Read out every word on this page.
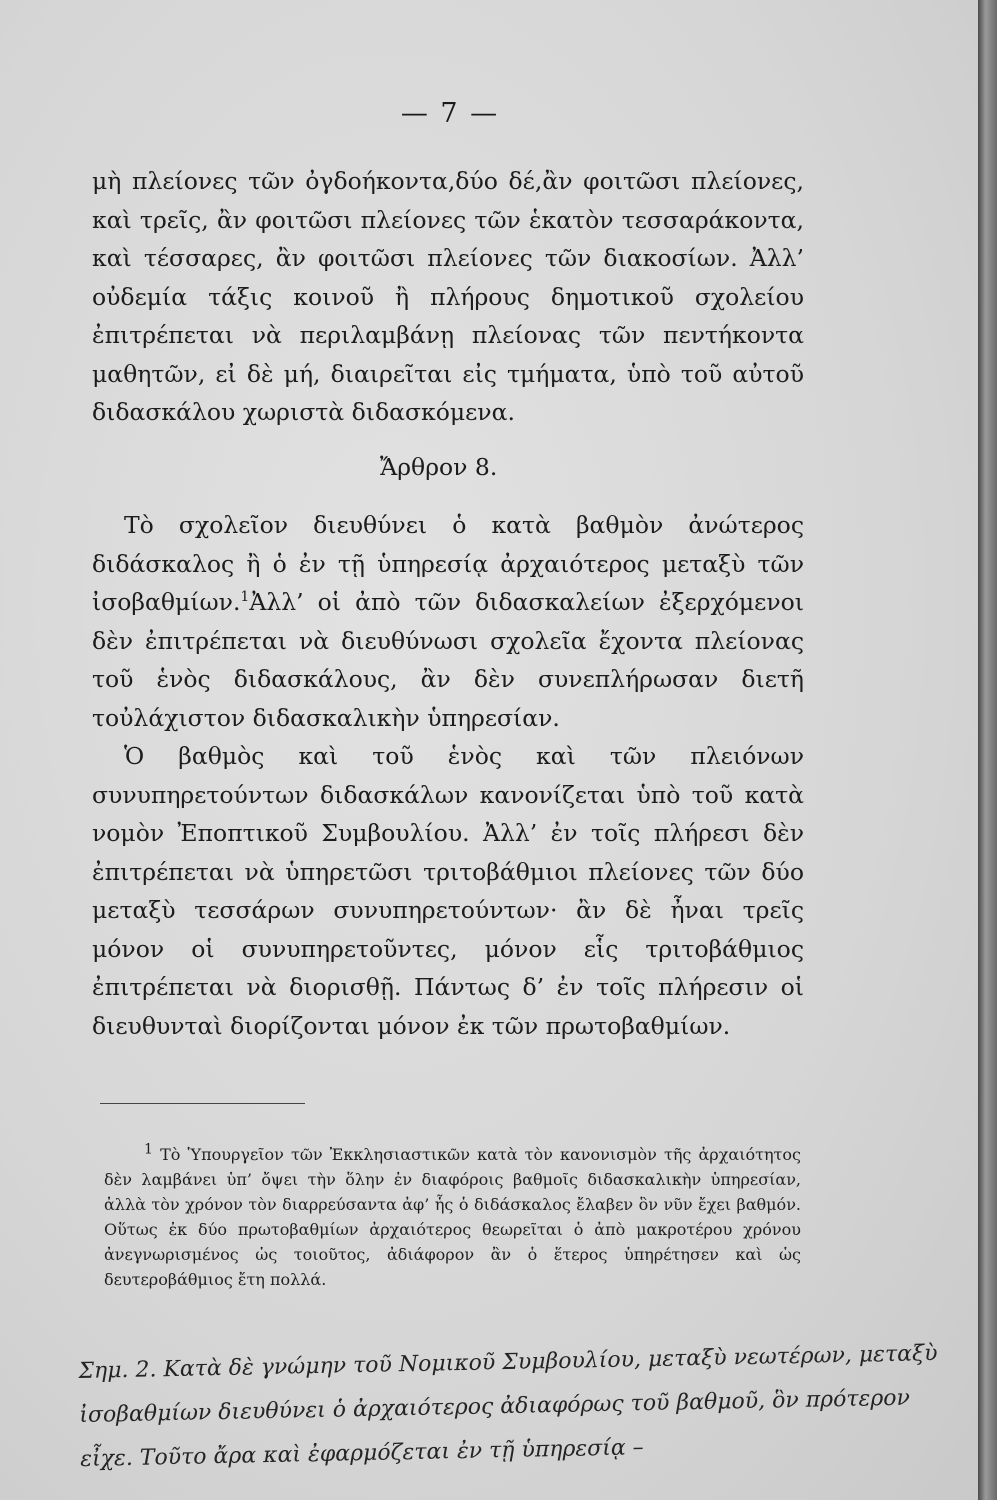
— 7 —

μὴ πλείονες τῶν ὀγδοήκοντα,δύο δέ,ἂν φοιτῶσι πλείονες, καὶ τρεῖς, ἂν φοιτῶσι πλείονες τῶν ἑκατὸν τεσσαράκοντα, καὶ τέσσαρες, ἂν φοιτῶσι πλείονες τῶν διακοσίων. Ἀλλ’ οὐδεμία τάξις κοινοῦ ἢ πλήρους δημοτικοῦ σχολείου ἐπιτρέπεται νὰ περιλαμβάνῃ πλείονας τῶν πεντήκοντα μαθητῶν, εἰ δὲ μή, διαιρεῖται εἰς τμήματα, ὑπὸ τοῦ αὐτοῦ διδασκάλου χωριστὰ διδασκόμενα.

Ἄρθρον 8.

Τὸ σχολεῖον διευθύνει ὁ κατὰ βαθμὸν ἀνώτερος διδάσκαλος ἢ ὁ ἐν τῇ ὑπηρεσίᾳ ἀρχαιότερος μεταξὺ τῶν ἰσοβαθμίων.$^1$Ἀλλ’ οἱ ἀπὸ τῶν διδασκαλείων ἐξερχόμενοι δὲν ἐπιτρέπεται νὰ διευθύνωσι σχολεῖα ἔχοντα πλείονας τοῦ ἑνὸς διδασκάλους, ἂν δὲν συνεπλήρωσαν διετῆ τοὐλάχιστον διδασκαλικὴν ὑπηρεσίαν.

Ὁ βαθμὸς καὶ τοῦ ἑνὸς καὶ τῶν πλειόνων συνυπηρετούντων διδασκάλων κανονίζεται ὑπὸ τοῦ κατὰ νομὸν Ἐποπτικοῦ Συμβουλίου. Ἀλλ’ ἐν τοῖς πλήρεσι δὲν ἐπιτρέπεται νὰ ὑπηρετῶσι τριτοβάθμιοι πλείονες τῶν δύο μεταξὺ τεσσάρων συνυπηρετούντων· ἂν δὲ ἦναι τρεῖς μόνον οἱ συνυπηρετοῦντες, μόνον εἷς τριτοβάθμιος ἐπιτρέπεται νὰ διορισθῇ. Πάντως δ’ ἐν τοῖς πλήρεσιν οἱ διευθυνταὶ διορίζονται μόνον ἐκ τῶν πρωτοβαθμίων.

$^1$ Τὸ Ὑπουργεῖον τῶν Ἐκκλησιαστικῶν κατὰ τὸν κανονισμὸν τῆς ἀρχαιότητος δὲν λαμβάνει ὑπ’ ὄψει τὴν ὅλην ἐν διαφόροις βαθμοῖς διδασκαλικὴν ὑπηρεσίαν, ἀλλὰ τὸν χρόνον τὸν διαρρεύσαντα ἀφ’ ἧς ὁ διδάσκαλος ἔλαβεν ὃν νῦν ἔχει βαθμόν. Οὕτως ἐκ δύο πρωτοβαθμίων ἀρχαιότερος θεωρεῖται ὁ ἀπὸ μακροτέρου χρόνου ἀνεγνωρισμένος ὡς τοιοῦτος, ἀδιάφορον ἂν ὁ ἕτερος ὑπηρέτησεν καὶ ὡς δευτεροβάθμιος ἔτη πολλά.
Σημ. 2. Κατὰ δὲ γνώμην τοῦ Νομικοῦ Συμβουλίου, μεταξὺ νεωτέρων, μεταξὺ
ἰσοβαθμίων διευθύνει ὁ ἀρχαιότερος ἀδιαφόρως τοῦ βαθμοῦ, ὃν πρότερον
εἶχε. Τοῦτο ἄρα καὶ ἐφαρμόζεται ἐν τῇ ὑπηρεσίᾳ –
